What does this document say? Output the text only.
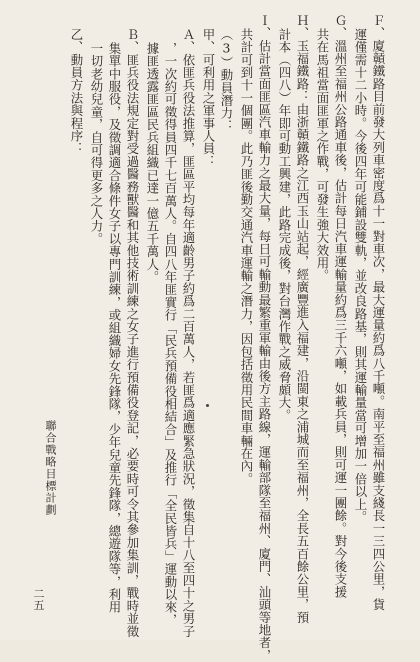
Ｆ、廈贑鐵路目前發大列車密度爲十一對車次，最大運量約爲八千噸。南平至福州雖支綫長一三四公里，貨
運僅需十二小時。今後四年可能鋪設雙軌，並改良路基，則其運輸量當可增加一倍以上。
Ｇ、溫州至福州公路通車後，估計每日汽車運輸量約爲三千六噸，如載兵員，則可運一團餘。對今後支援
共在馬祖當面匪軍之作戰，可發生強大效用。
Ｈ、玉福鐵路：由浙贑鐵路之江西玉山站起，經廣豐進入福建，沿閩東之浦城而至福州，全長五百餘公里，預
計本（四八）年即可動工興建，此路完成後，對台灣作戰之威脅頗大。
Ｉ、估計當面匪區汽車輸力之最大量，每日可輸動最繁重軍輸由後方主路線，運輸部隊至福州、廈門、汕頭等地者，
共計可到十一個團。此乃匪後勤交通汽車運輸之潛力，因包括徵用民間車輛在內。
（3）動員潛力：
甲、可利用之軍事人員：
Ａ、依匪兵役法推算，匪區平均每年適齡男子約爲二百萬人，若匪爲適應緊急狀況，徵集自十八至四十之男子
，一次約可徵得員四千七百萬人。自四八年匪實行「民兵預備役相結合」及推行「全民皆兵」運動以來，
據匪透露匪區民兵組織已達一億五千萬人。
Ｂ、匪兵役法規定對受過醫務獸醫和其他技術訓練之女子進行預備役登記，必要時可令其參加集訓，戰時並徵
集單中服役，及徵調適合條件女子以專門訓練，或組織婦女先鋒隊，少年兒童先鋒隊，總遊隊等，利用
一切老幼兒童，自可得更多之人力。
乙、動員方法與程序：
聯合戰略目標計劃
二五
